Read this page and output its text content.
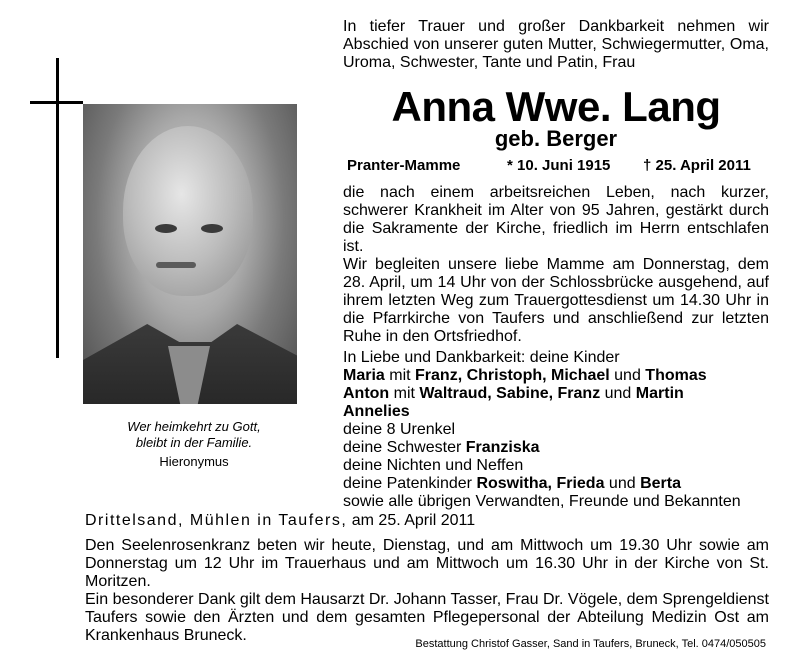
Wer heimkehrt zu Gott,
bleibt in der Familie.
Hieronymus
In tiefer Trauer und großer Dankbarkeit nehmen wir Abschied von unserer guten Mutter, Schwiegermutter, Oma, Uroma, Schwester, Tante und Patin, Frau
Anna Wwe. Lang
geb. Berger
Pranter-Mamme	* 10. Juni 1915 † 25. April 2011

die nach einem arbeitsreichen Leben, nach kurzer, schwerer Krankheit im Alter von 95 Jahren, gestärkt durch die Sakramente der Kirche, friedlich im Herrn entschlafen ist.

Wir begleiten unsere liebe Mamme am Donnerstag, dem 28. April, um 14 Uhr von der Schlossbrücke ausgehend, auf ihrem letzten Weg zum Trauergottesdienst um 14.30 Uhr in die Pfarrkirche von Taufers und anschließend zur letzten Ruhe in den Ortsfriedhof.

In Liebe und Dankbarkeit: deine Kinder
Maria mit Franz, Christoph, Michael und Thomas
Anton mit Waltraud, Sabine, Franz und Martin
Annelies
deine 8 Urenkel
deine Schwester Franziska
deine Nichten und Neffen
deine Patenkinder Roswitha, Frieda und Berta
sowie alle übrigen Verwandten, Freunde und Bekannten
Drittelsand, Mühlen in Taufers, am 25. April 2011

Den Seelenrosenkranz beten wir heute, Dienstag, und am Mittwoch um 19.30 Uhr sowie am Donnerstag um 12 Uhr im Trauerhaus und am Mittwoch um 16.30 Uhr in der Kirche von St. Moritzen.

Ein besonderer Dank gilt dem Hausarzt Dr. Johann Tasser, Frau Dr. Vögele, dem Sprengeldienst Taufers sowie den Ärzten und dem gesamten Pflegepersonal der Abteilung Medizin Ost am Krankenhaus Bruneck.	Bestattung Christof Gasser, Sand in Taufers, Bruneck, Tel. 0474/050505
